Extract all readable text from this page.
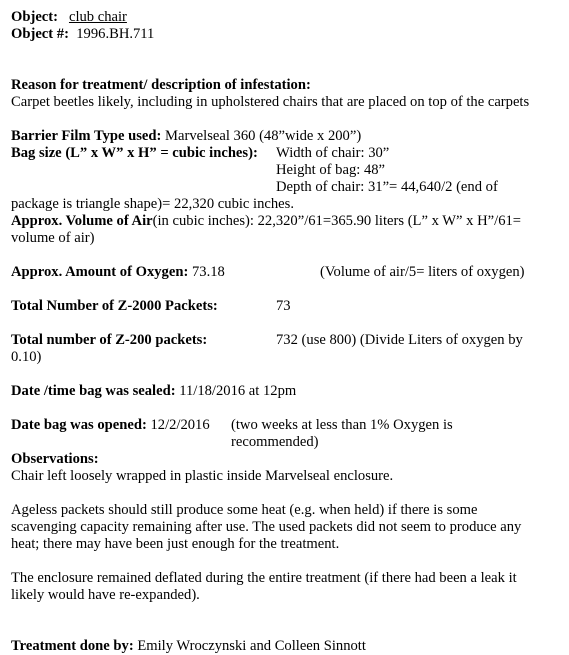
Object: club chair
Object #: 1996.BH.711
Reason for treatment/ description of infestation:
Carpet beetles likely, including in upholstered chairs that are placed on top of the carpets
Barrier Film Type used: Marvelseal 360 (48”wide x 200”)
Bag size (L” x W” x H” = cubic inches): Width of chair: 30”
Height of bag: 48”
Depth of chair: 31”= 44,640/2 (end of
package is triangle shape)= 22,320 cubic inches.
Approx. Volume of Air(in cubic inches): 22,320”/61=365.90 liters (L” x W” x H”/61=
volume of air)
Approx. Amount of Oxygen: 73.18	(Volume of air/5= liters of oxygen)
Total Number of Z-2000 Packets:	73
Total number of Z-200 packets:	732 (use 800) (Divide Liters of oxygen by
0.10)
Date /time bag was sealed: 11/18/2016 at 12pm
Date bag was opened: 12/2/2016 (two weeks at less than 1% Oxygen is
recommended)
Observations:
Chair left loosely wrapped in plastic inside Marvelseal enclosure.
Ageless packets should still produce some heat (e.g. when held) if there is some
scavenging capacity remaining after use. The used packets did not seem to produce any
heat; there may have been just enough for the treatment.
The enclosure remained deflated during the entire treatment (if there had been a leak it
likely would have re-expanded).
Treatment done by: Emily Wroczynski and Colleen Sinnott
